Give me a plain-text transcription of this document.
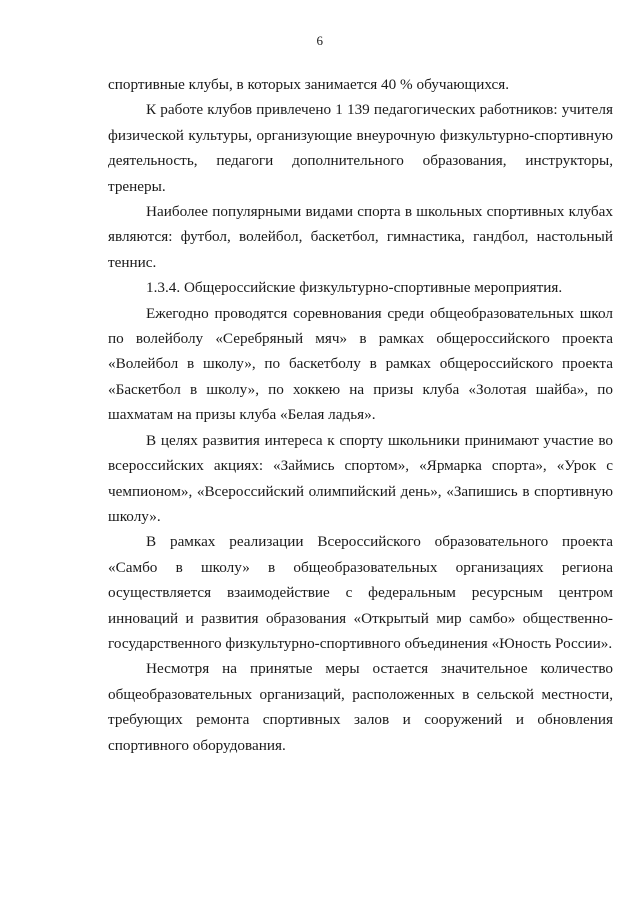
6

спортивные клубы, в которых занимается 40 % обучающихся.

К работе клубов привлечено 1 139 педагогических работников: учителя физической культуры, организующие внеурочную физкультурно-спортивную деятельность, педагоги дополнительного образования, инструкторы, тренеры.

Наиболее популярными видами спорта в школьных спортивных клубах являются: футбол, волейбол, баскетбол, гимнастика, гандбол, настольный теннис.

1.3.4. Общероссийские физкультурно-спортивные мероприятия.

Ежегодно проводятся соревнования среди общеобразовательных школ по волейболу «Серебряный мяч» в рамках общероссийского проекта «Волейбол в школу», по баскетболу в рамках общероссийского проекта «Баскетбол в школу», по хоккею на призы клуба «Золотая шайба», по шахматам на призы клуба «Белая ладья».

В целях развития интереса к спорту школьники принимают участие во всероссийских акциях: «Займись спортом», «Ярмарка спорта», «Урок с чемпионом», «Всероссийский олимпийский день», «Запишись в спортивную школу».

В рамках реализации Всероссийского образовательного проекта «Самбо в школу» в общеобразовательных организациях региона осуществляется взаимодействие с федеральным ресурсным центром инноваций и развития образования «Открытый мир самбо» общественно-государственного физкультурно-спортивного объединения «Юность России».

Несмотря на принятые меры остается значительное количество общеобразовательных организаций, расположенных в сельской местности, требующих ремонта спортивных залов и сооружений и обновления спортивного оборудования.
